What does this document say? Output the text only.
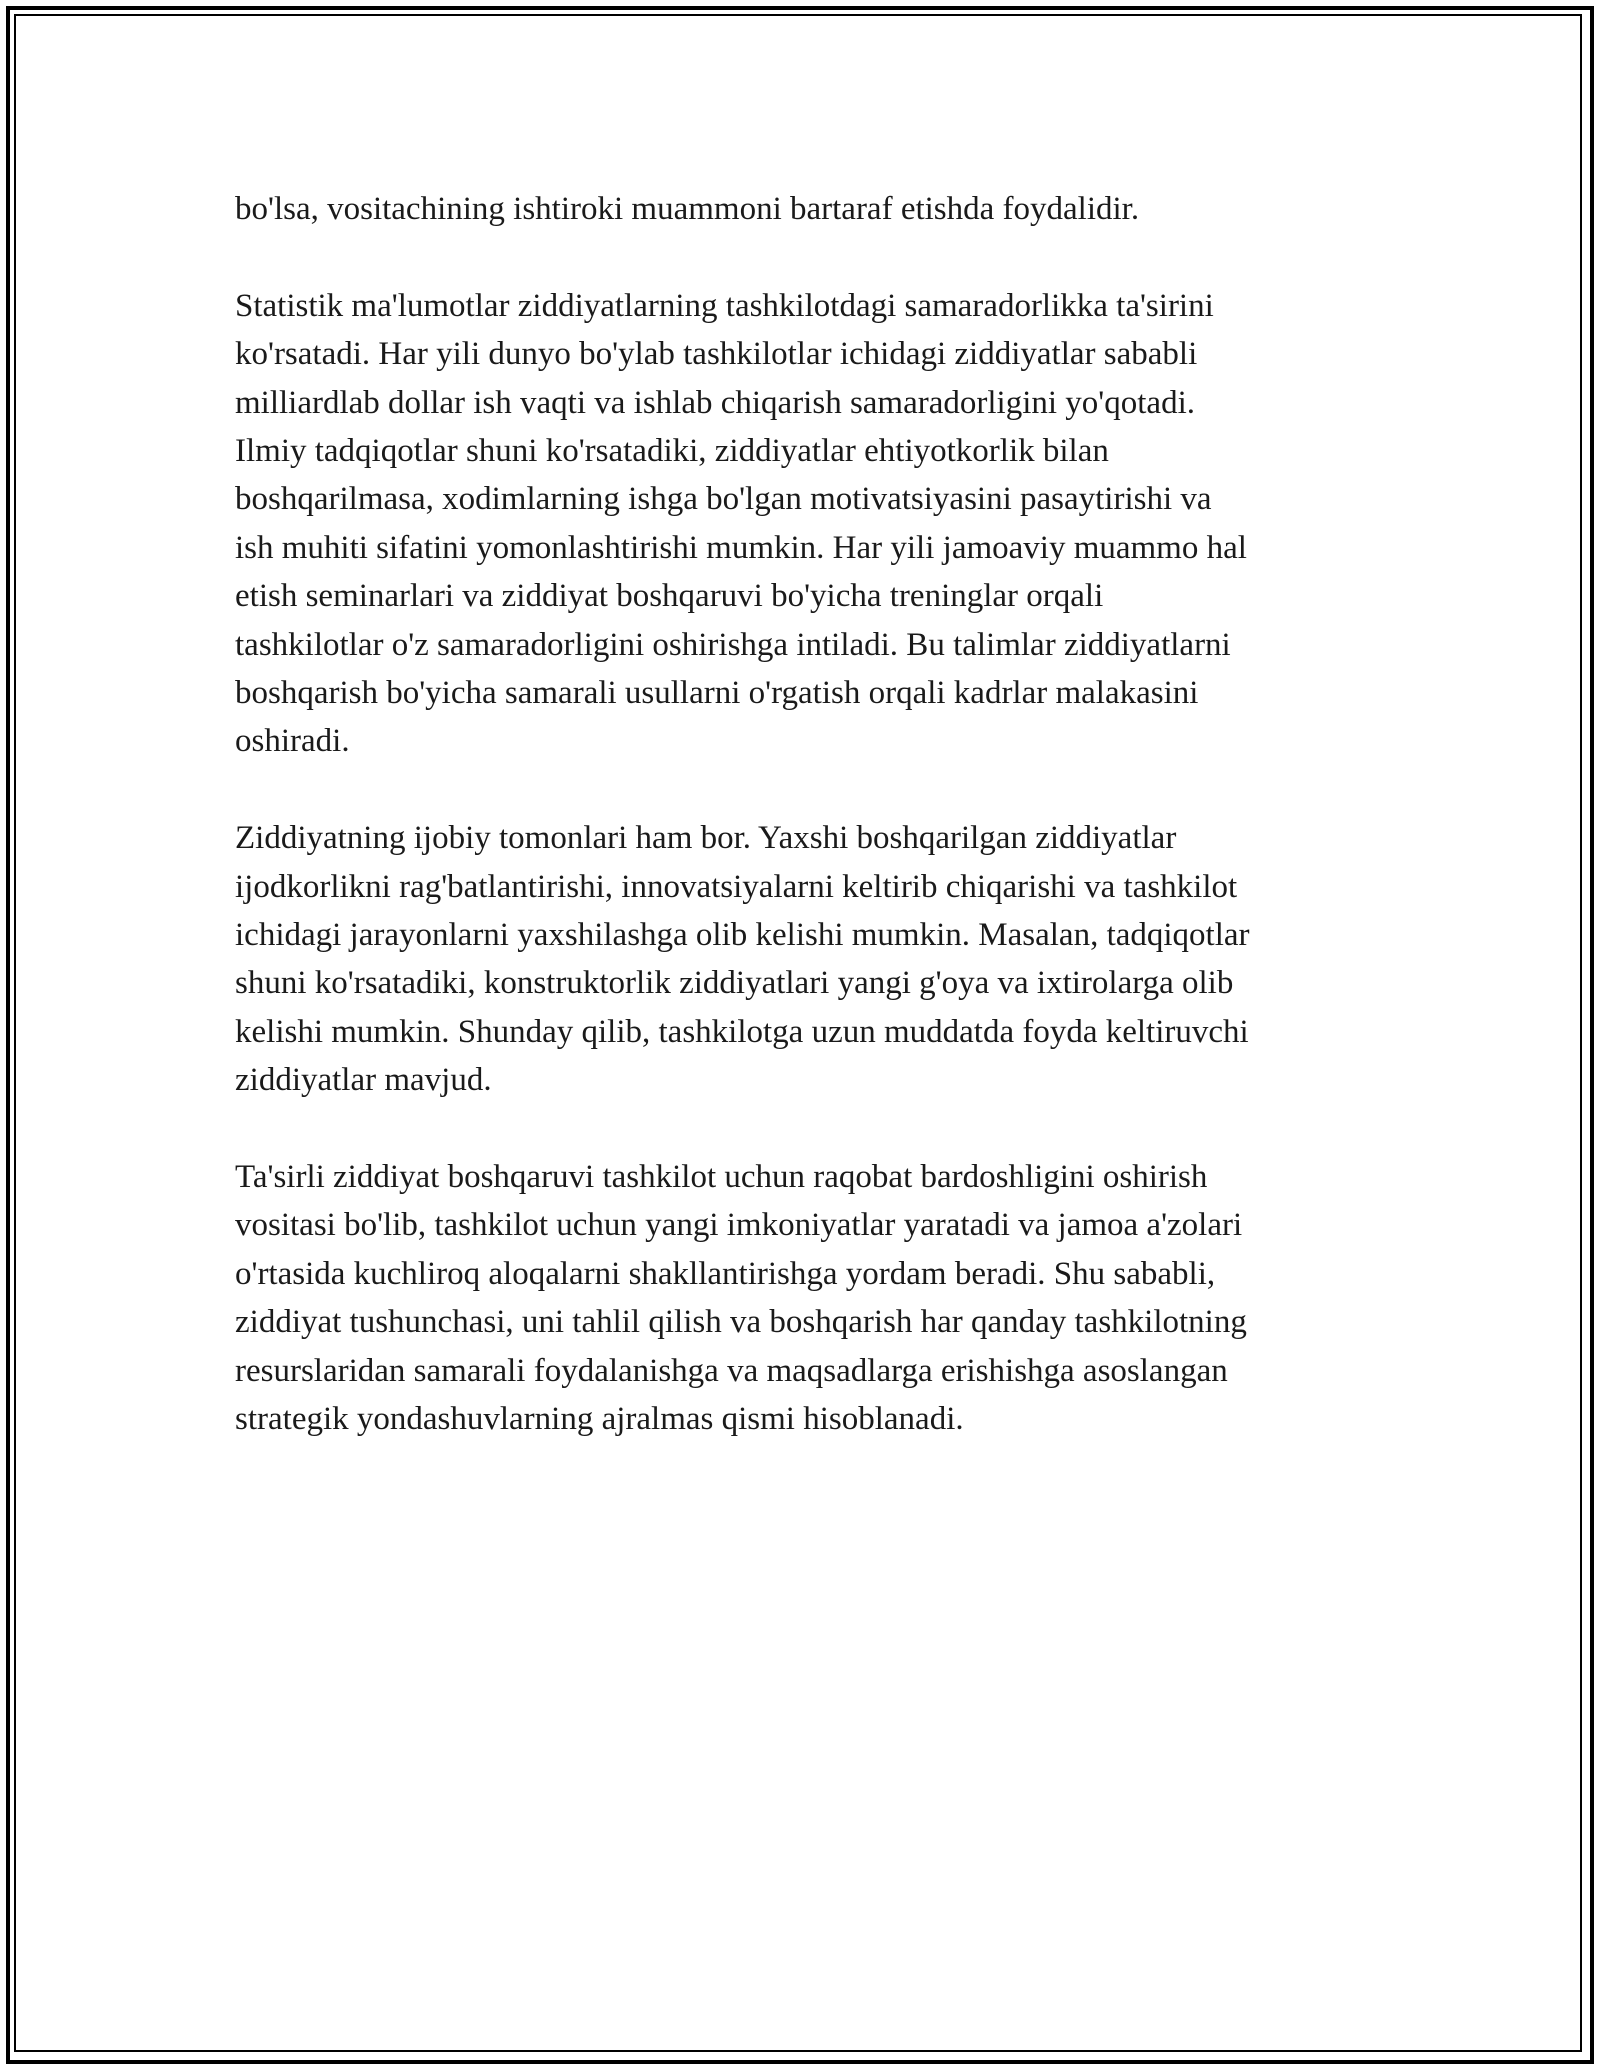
bo'lsa, vositachining ishtiroki muammoni bartaraf etishda foydalidir.

Statistik ma'lumotlar ziddiyatlarning tashkilotdagi samaradorlikka ta'sirini
ko'rsatadi. Har yili dunyo bo'ylab tashkilotlar ichidagi ziddiyatlar sababli
milliardlab dollar ish vaqti va ishlab chiqarish samaradorligini yo'qotadi.
Ilmiy tadqiqotlar shuni ko'rsatadiki, ziddiyatlar ehtiyotkorlik bilan
boshqarilmasa, xodimlarning ishga bo'lgan motivatsiyasini pasaytirishi va
ish muhiti sifatini yomonlashtirishi mumkin. Har yili jamoaviy muammo hal
etish seminarlari va ziddiyat boshqaruvi bo'yicha treninglar orqali
tashkilotlar o'z samaradorligini oshirishga intiladi. Bu talimlar ziddiyatlarni
boshqarish bo'yicha samarali usullarni o'rgatish orqali kadrlar malakasini
oshiradi.

Ziddiyatning ijobiy tomonlari ham bor. Yaxshi boshqarilgan ziddiyatlar
ijodkorlikni rag'batlantirishi, innovatsiyalarni keltirib chiqarishi va tashkilot
ichidagi jarayonlarni yaxshilashga olib kelishi mumkin. Masalan, tadqiqotlar
shuni ko'rsatadiki, konstruktorlik ziddiyatlari yangi g'oya va ixtirolarga olib
kelishi mumkin. Shunday qilib, tashkilotga uzun muddatda foyda keltiruvchi
ziddiyatlar mavjud.

Ta'sirli ziddiyat boshqaruvi tashkilot uchun raqobat bardoshligini oshirish
vositasi bo'lib, tashkilot uchun yangi imkoniyatlar yaratadi va jamoa a'zolari
o'rtasida kuchliroq aloqalarni shakllantirishga yordam beradi. Shu sababli,
ziddiyat tushunchasi, uni tahlil qilish va boshqarish har qanday tashkilotning
resurslaridan samarali foydalanishga va maqsadlarga erishishga asoslangan
strategik yondashuvlarning ajralmas qismi hisoblanadi.
